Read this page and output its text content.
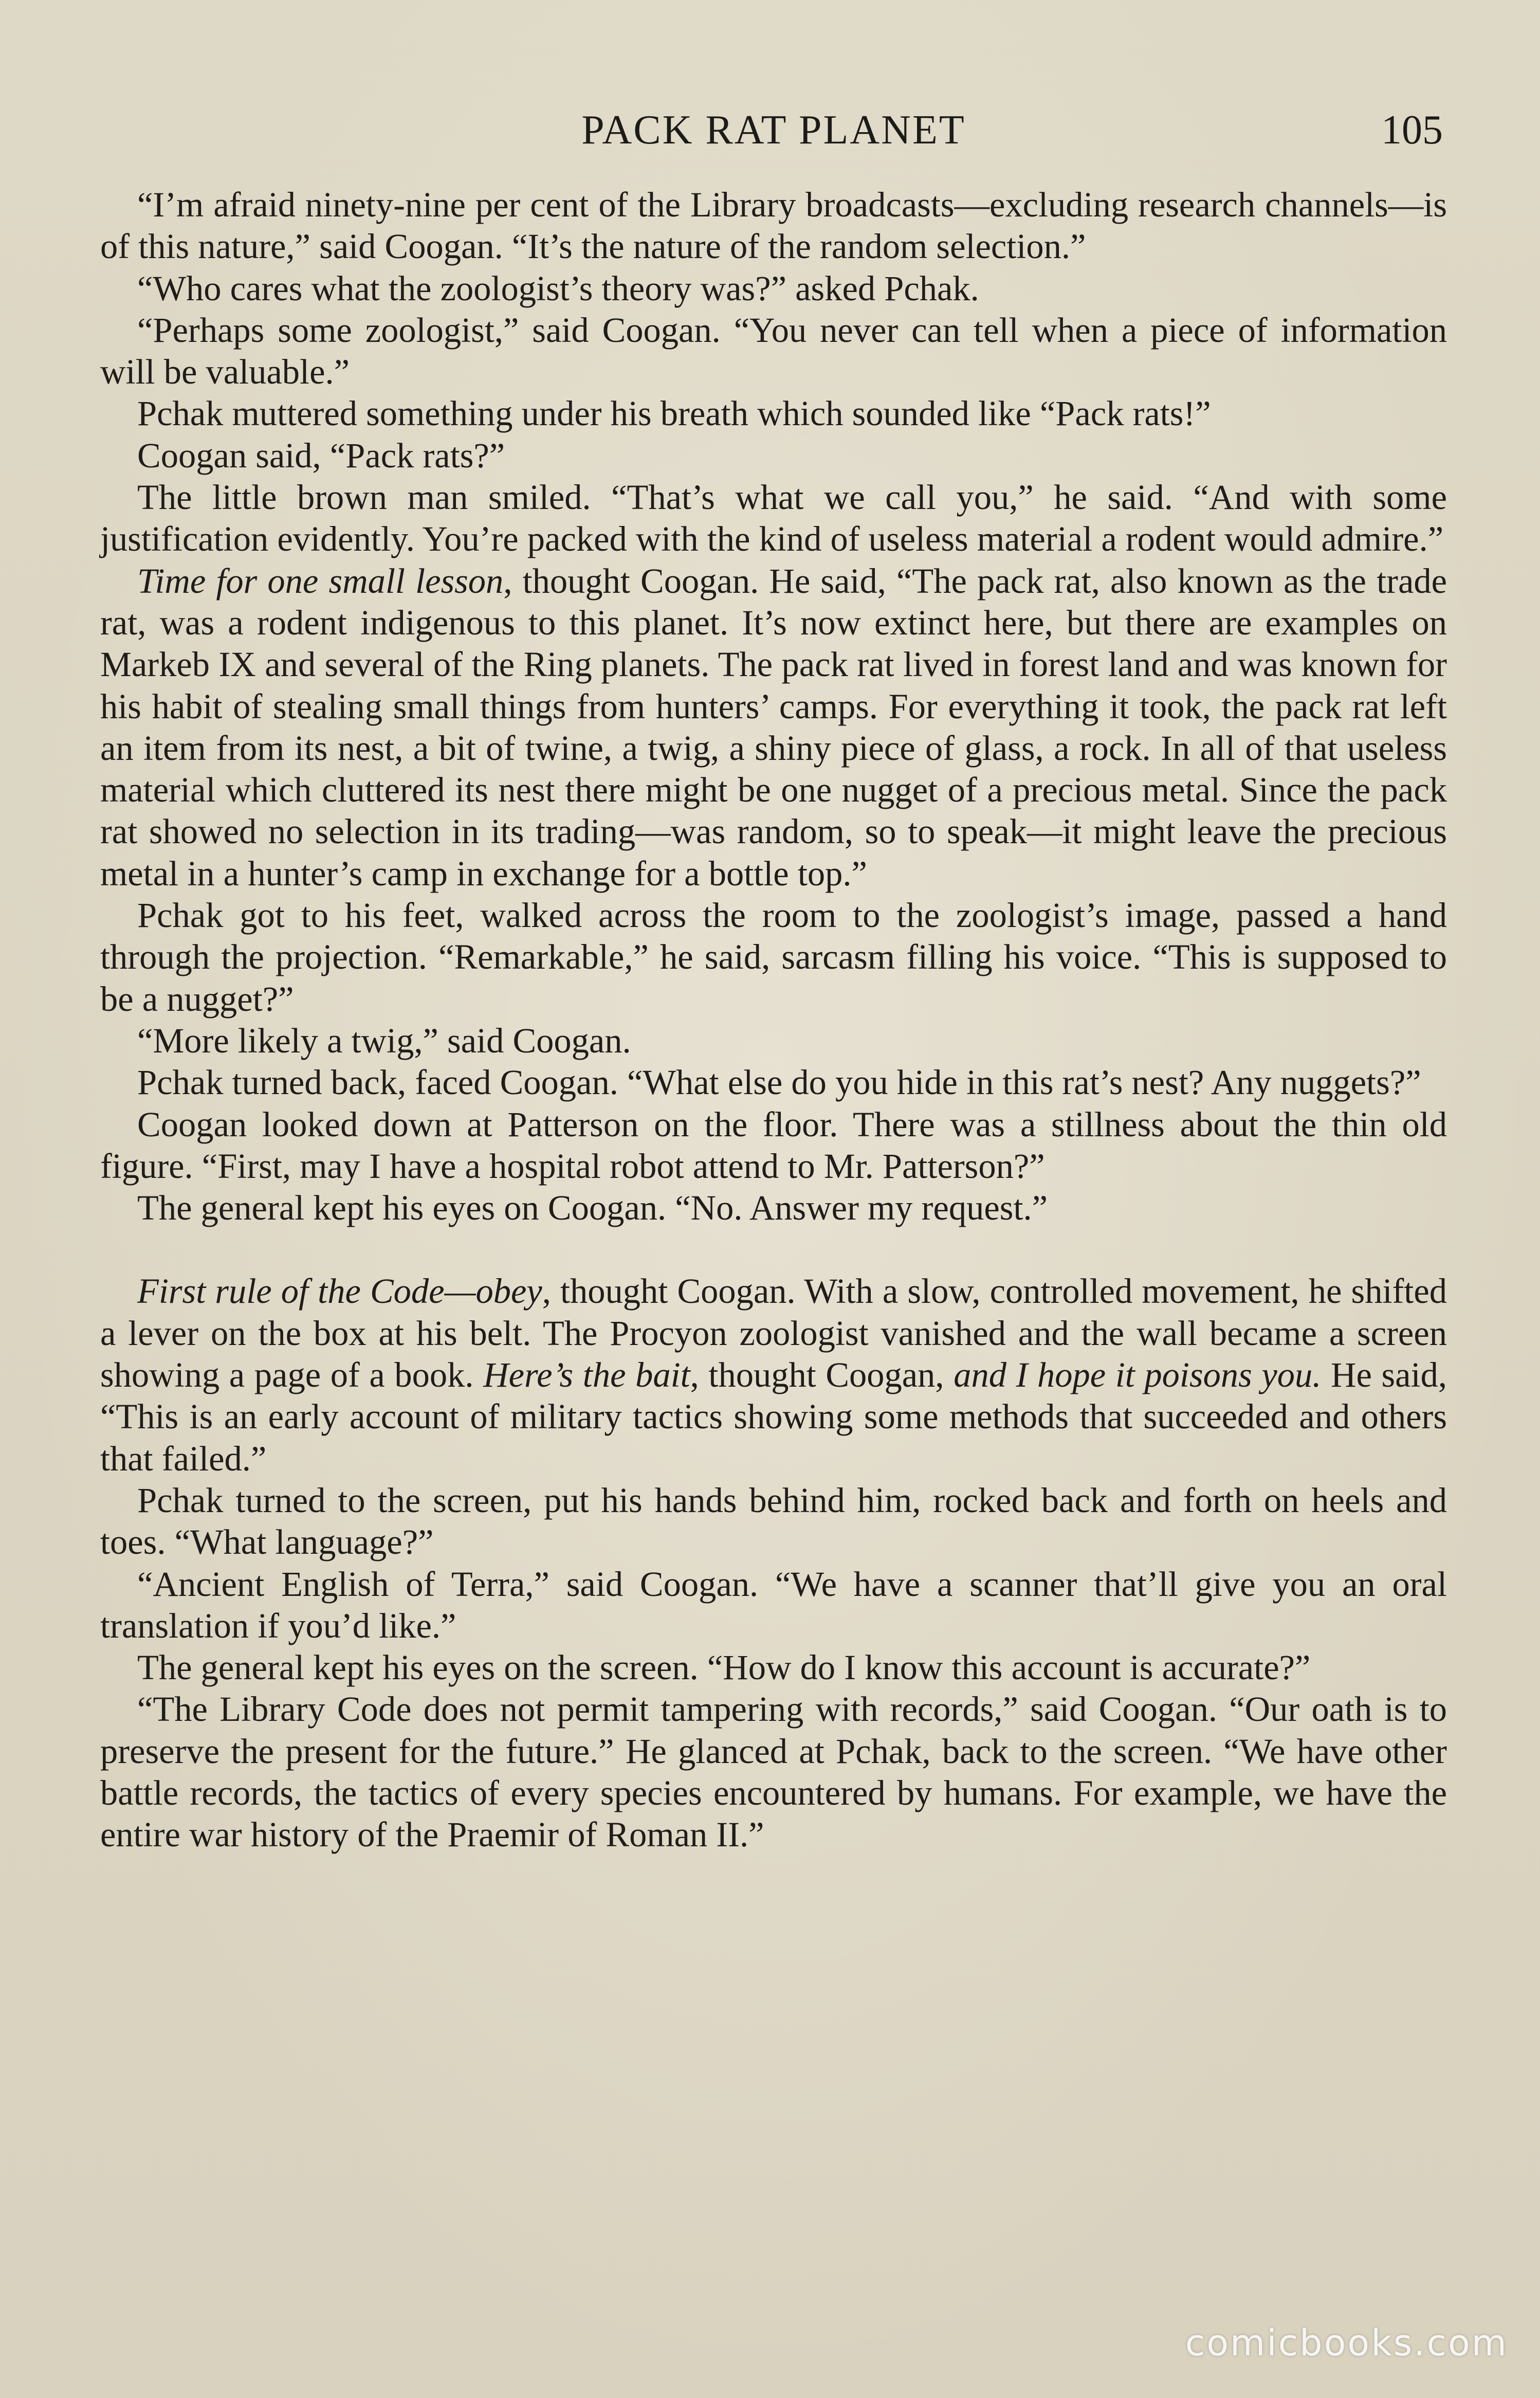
PACK RAT PLANET	105

“I’m afraid ninety-nine per cent of the Library broadcasts—excluding research channels—is of this nature,” said Coogan. “It’s the nature of the random selection.”

“Who cares what the zoologist’s theory was?” asked Pchak.

“Perhaps some zoologist,” said Coogan. “You never can tell when a piece of information will be valuable.”

Pchak muttered something under his breath which sounded like “Pack rats!”

Coogan said, “Pack rats?”

The little brown man smiled. “That’s what we call you,” he said. “And with some justification evidently. You’re packed with the kind of useless material a rodent would admire.”

Time for one small lesson, thought Coogan. He said, “The pack rat, also known as the trade rat, was a rodent indigenous to this planet. It’s now extinct here, but there are examples on Markeb IX and several of the Ring planets. The pack rat lived in forest land and was known for his habit of stealing small things from hunters’ camps. For everything it took, the pack rat left an item from its nest, a bit of twine, a twig, a shiny piece of glass, a rock. In all of that useless material which cluttered its nest there might be one nugget of a precious metal. Since the pack rat showed no selection in its trading—was random, so to speak—it might leave the precious metal in a hunter’s camp in exchange for a bottle top.”

Pchak got to his feet, walked across the room to the zoologist’s image, passed a hand through the projection. “Remarkable,” he said, sarcasm filling his voice. “This is supposed to be a nugget?”

“More likely a twig,” said Coogan.

Pchak turned back, faced Coogan. “What else do you hide in this rat’s nest? Any nuggets?”

Coogan looked down at Patterson on the floor. There was a stillness about the thin old figure. “First, may I have a hospital robot attend to Mr. Patterson?”

The general kept his eyes on Coogan. “No. Answer my request.”

First rule of the Code—obey, thought Coogan. With a slow, controlled movement, he shifted a lever on the box at his belt. The Procyon zoologist vanished and the wall became a screen showing a page of a book. Here’s the bait, thought Coogan, and I hope it poisons you. He said, “This is an early account of military tactics showing some methods that succeeded and others that failed.”

Pchak turned to the screen, put his hands behind him, rocked back and forth on heels and toes. “What language?”

“Ancient English of Terra,” said Coogan. “We have a scanner that’ll give you an oral translation if you’d like.”

The general kept his eyes on the screen. “How do I know this account is accurate?”

“The Library Code does not permit tampering with records,” said Coogan. “Our oath is to preserve the present for the future.” He glanced at Pchak, back to the screen. “We have other battle records, the tactics of every species encountered by humans. For example, we have the entire war history of the Praemir of Roman II.”

comicbooks.com
